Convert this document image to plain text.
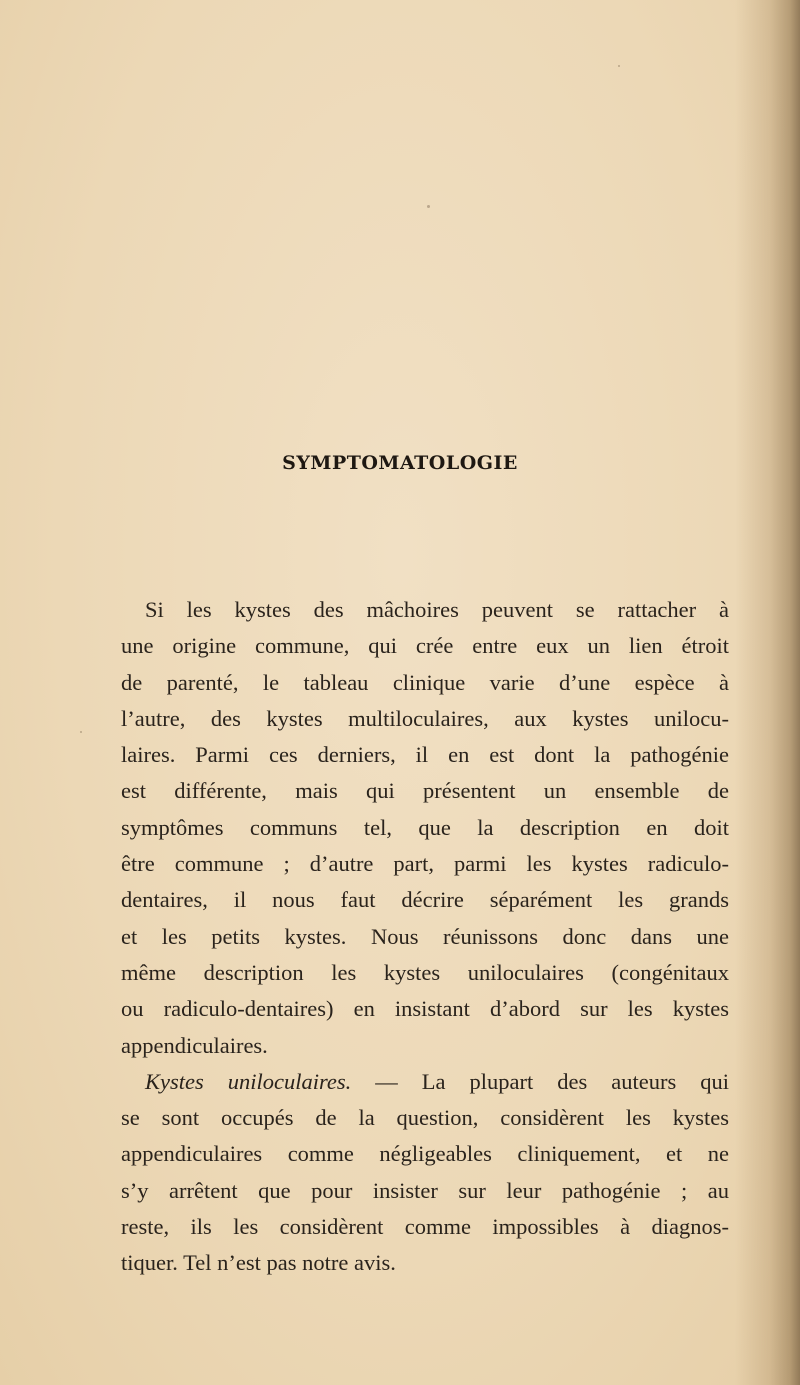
SYMPTOMATOLOGIE
Si les kystes des mâchoires peuvent se rattacher à
une origine commune, qui crée entre eux un lien étroit
de parenté, le tableau clinique varie d’une espèce à
l’autre, des kystes multiloculaires, aux kystes unilocu-
laires. Parmi ces derniers, il en est dont la pathogénie
est différente, mais qui présentent un ensemble de
symptômes communs tel, que la description en doit
être commune ; d’autre part, parmi les kystes radiculo-
dentaires, il nous faut décrire séparément les grands
et les petits kystes. Nous réunissons donc dans une
même description les kystes uniloculaires (congénitaux
ou radiculo-dentaires) en insistant d’abord sur les kystes
appendiculaires.
Kystes uniloculaires. — La plupart des auteurs qui
se sont occupés de la question, considèrent les kystes
appendiculaires comme négligeables cliniquement, et ne
s’y arrêtent que pour insister sur leur pathogénie ; au
reste, ils les considèrent comme impossibles à diagnos-
tiquer. Tel n’est pas notre avis.
